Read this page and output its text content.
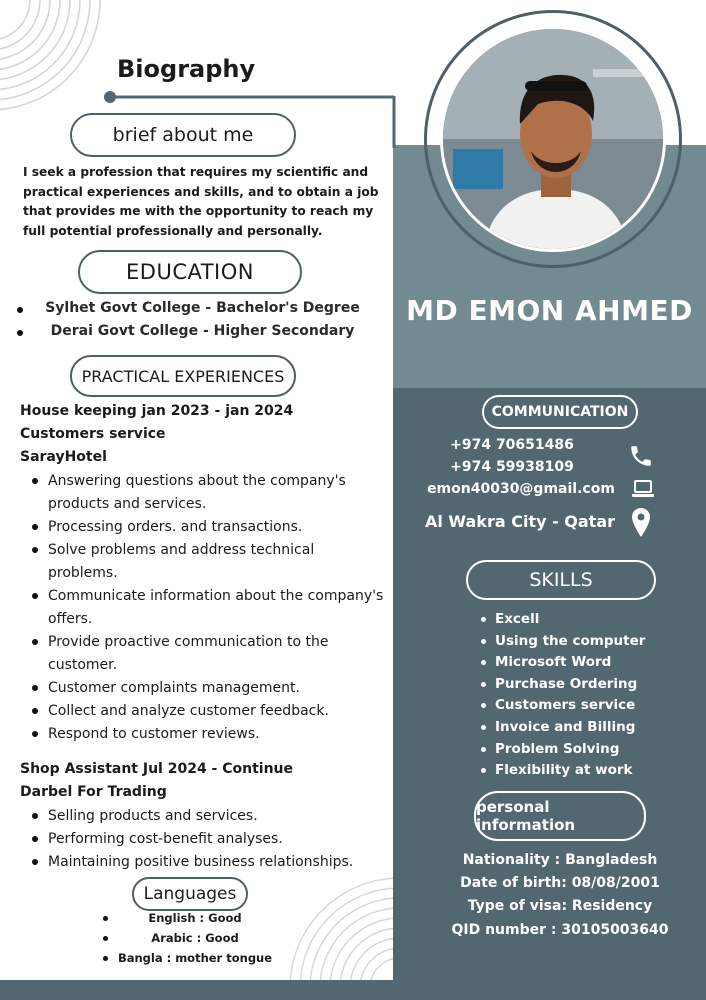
Biography
brief about me
I seek a profession that requires my scientific and practical experiences and skills, and to obtain a job that provides me with the opportunity to reach my full potential professionally and personally.
EDUCATION
Sylhet Govt College - Bachelor's Degree
Derai Govt College - Higher Secondary
PRACTICAL EXPERIENCES
House keeping jan 2023 - jan 2024
Customers service
SarayHotel
Answering questions about the company's products and services.
Processing orders. and transactions.
Solve problems and address technical problems.
Communicate information about the company's offers.
Provide proactive communication to the customer.
Customer complaints management.
Collect and analyze customer feedback.
Respond to customer reviews.
Shop Assistant Jul 2024 - Continue
Darbel For Trading
Selling products and services.
Performing cost-benefit analyses.
Maintaining positive business relationships.
Languages
English : Good
Arabic : Good
Bangla : mother tongue
MD EMON AHMED
COMMUNICATION
+974 70651486
+974 59938109
emon40030@gmail.com
Al Wakra City - Qatar
SKILLS
Excell
Using the computer
Microsoft Word
Purchase Ordering
Customers service
Invoice and Billing
Problem Solving
Flexibility at work
personal information
Nationality : Bangladesh
Date of birth: 08/08/2001
Type of visa: Residency
QID number : 30105003640
